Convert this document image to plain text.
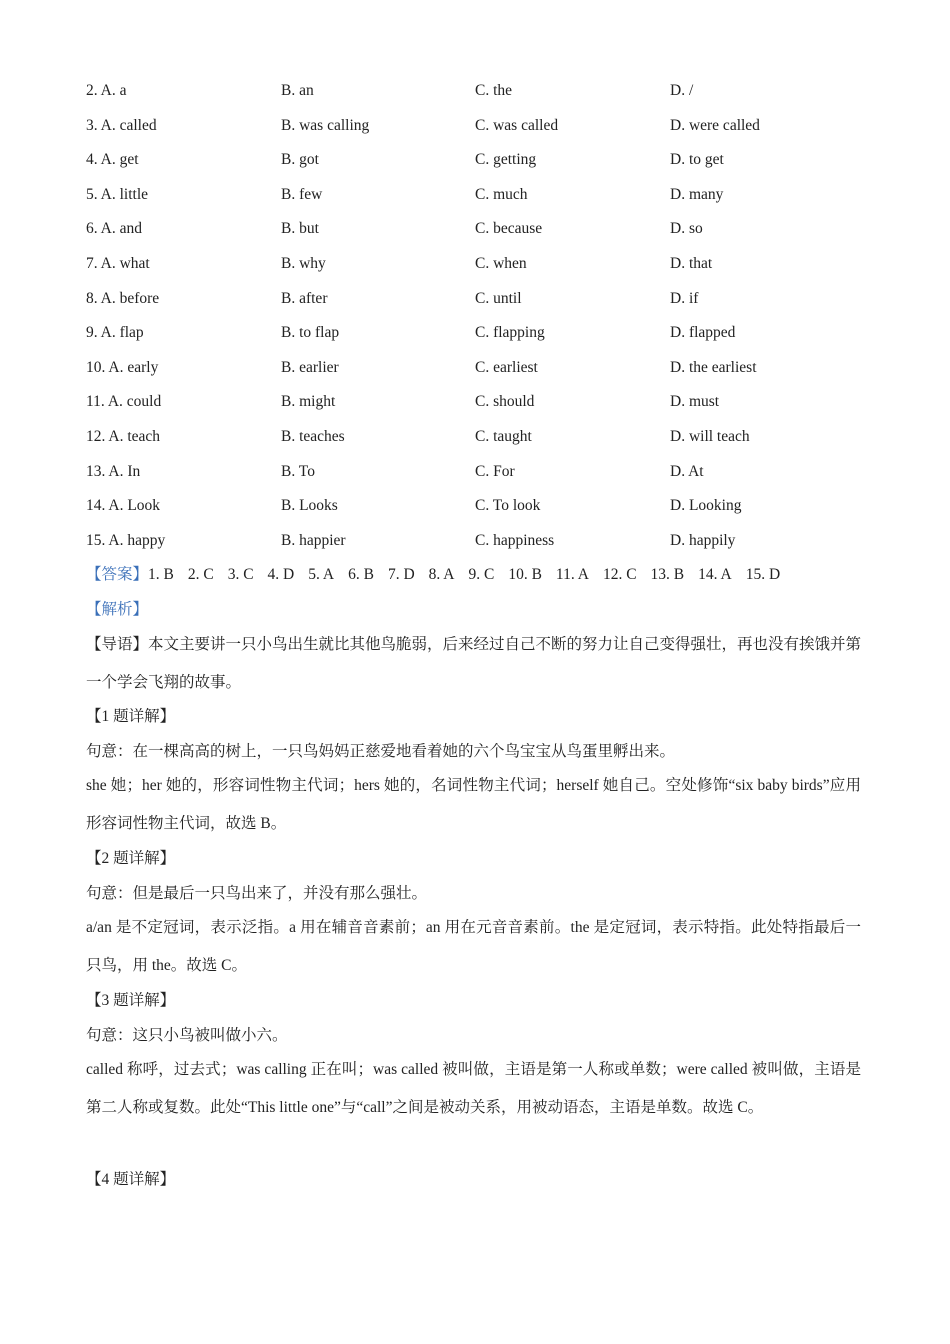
2. A. a	B. an	C. the	D. /
3. A. called	B. was calling	C. was called	D. were called
4. A. get	B. got	C. getting	D. to get
5. A. little	B. few	C. much	D. many
6. A. and	B. but	C. because	D. so
7. A. what	B. why	C. when	D. that
8. A. before	B. after	C. until	D. if
9. A. flap	B. to flap	C. flapping	D. flapped
10. A. early	B. earlier	C. earliest	D. the earliest
11. A. could	B. might	C. should	D. must
12. A. teach	B. teaches	C. taught	D. will teach
13. A. In	B. To	C. For	D. At
14. A. Look	B. Looks	C. To look	D. Looking
15. A. happy	B. happier	C. happiness	D. happily
【答案】1. B 2. C 3. C 4. D 5. A 6. B 7. D 8. A 9. C 10. B 11. A 12. C 13. B 14. A 15. D
【解析】

【导语】本文主要讲一只小鸟出生就比其他鸟脆弱，后来经过自己不断的努力让自己变得强壮，再也没有挨饿并第一个学会飞翔的故事。

【1 题详解】

句意：在一棵高高的树上，一只鸟妈妈正慈爱地看着她的六个鸟宝宝从鸟蛋里孵出来。

she 她；her 她的，形容词性物主代词；hers 她的，名词性物主代词；herself 她自己。空处修饰“six baby birds”应用形容词性物主代词，故选 B。

【2 题详解】

句意：但是最后一只鸟出来了，并没有那么强壮。

a/an 是不定冠词，表示泛指。a 用在辅音音素前；an 用在元音音素前。the 是定冠词，表示特指。此处特指最后一只鸟，用 the。故选 C。

【3 题详解】

句意：这只小鸟被叫做小六。

called 称呼，过去式；was calling 正在叫；was called 被叫做，主语是第一人称或单数；were called 被叫做，主语是第二人称或复数。此处“This little one”与“call”之间是被动关系，用被动语态，主语是单数。故选 C。

【4 题详解】
